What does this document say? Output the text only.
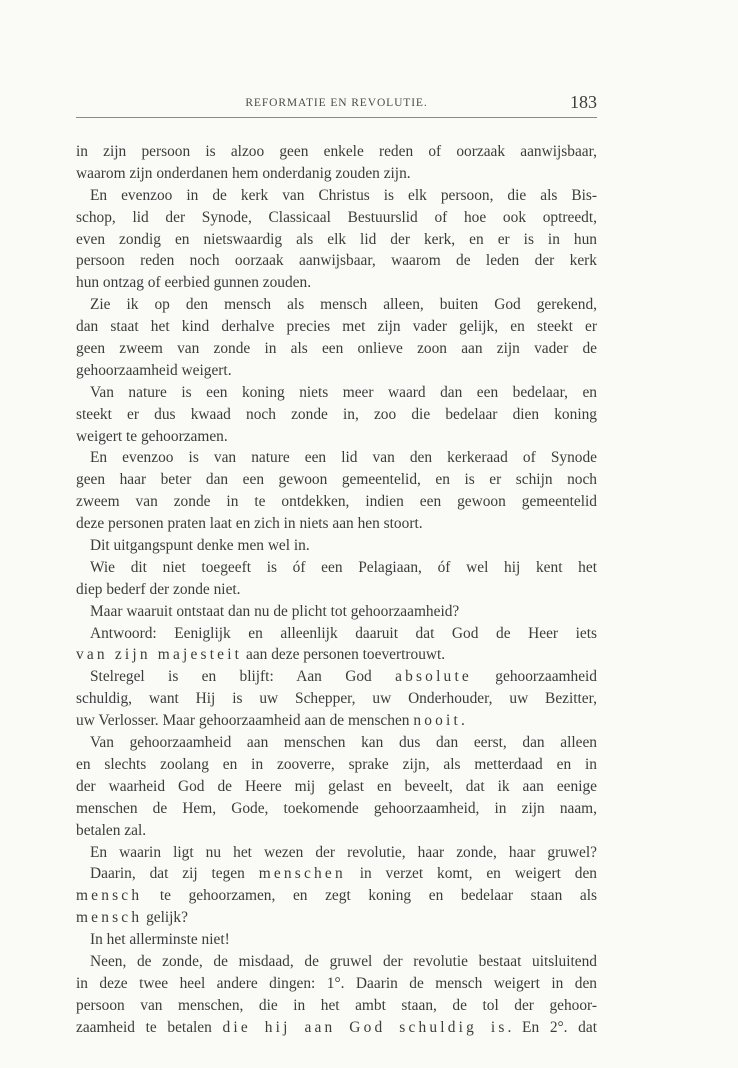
REFORMATIE EN REVOLUTIE.	183
in zijn persoon is alzoo geen enkele reden of oorzaak aanwijsbaar,
waarom zijn onderdanen hem onderdanig zouden zijn.
En evenzoo in de kerk van Christus is elk persoon, die als Bis-
schop, lid der Synode, Classicaal Bestuurslid of hoe ook optreedt,
even zondig en nietswaardig als elk lid der kerk, en er is in hun
persoon reden noch oorzaak aanwijsbaar, waarom de leden der kerk
hun ontzag of eerbied gunnen zouden.
Zie ik op den mensch als mensch alleen, buiten God gerekend,
dan staat het kind derhalve precies met zijn vader gelijk, en steekt er
geen zweem van zonde in als een onlieve zoon aan zijn vader de
gehoorzaamheid weigert.
Van nature is een koning niets meer waard dan een bedelaar, en
steekt er dus kwaad noch zonde in, zoo die bedelaar dien koning
weigert te gehoorzamen.
En evenzoo is van nature een lid van den kerkeraad of Synode
geen haar beter dan een gewoon gemeentelid, en is er schijn noch
zweem van zonde in te ontdekken, indien een gewoon gemeentelid
deze personen praten laat en zich in niets aan hen stoort.
Dit uitgangspunt denke men wel in.
Wie dit niet toegeeft is óf een Pelagiaan, óf wel hij kent het
diep bederf der zonde niet.
Maar waaruit ontstaat dan nu de plicht tot gehoorzaamheid?
Antwoord: Eeniglijk en alleenlijk daaruit dat God de Heer iets
van zijn majesteit aan deze personen toevertrouwt.
Stelregel is en blijft: Aan God absolute gehoorzaamheid
schuldig, want Hij is uw Schepper, uw Onderhouder, uw Bezitter,
uw Verlosser. Maar gehoorzaamheid aan de menschen nooit.
Van gehoorzaamheid aan menschen kan dus dan eerst, dan alleen
en slechts zoolang en in zooverre, sprake zijn, als metterdaad en in
der waarheid God de Heere mij gelast en beveelt, dat ik aan eenige
menschen de Hem, Gode, toekomende gehoorzaamheid, in zijn naam,
betalen zal.
En waarin ligt nu het wezen der revolutie, haar zonde, haar gruwel?
Daarin, dat zij tegen menschen in verzet komt, en weigert den
mensch te gehoorzamen, en zegt koning en bedelaar staan als
mensch gelijk?
In het allerminste niet!
Neen, de zonde, de misdaad, de gruwel der revolutie bestaat uitsluitend
in deze twee heel andere dingen: 1°. Daarin de mensch weigert in den
persoon van menschen, die in het ambt staan, de tol der gehoor-
zaamheid te betalen die hij aan God schuldig is. En 2°. dat
